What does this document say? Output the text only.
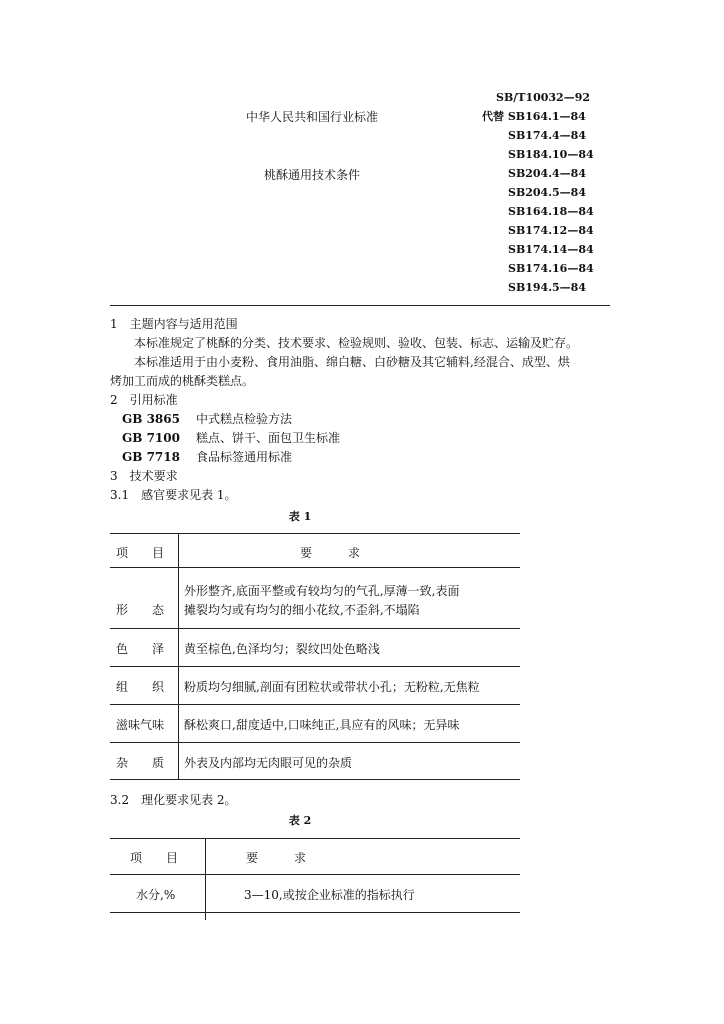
中华人民共和国行业标准
桃酥通用技术条件
SB/T10032—92
代替 SB164.1—84
SB174.4—84
SB184.10—84
SB204.4—84
SB204.5—84
SB164.18—84
SB174.12—84
SB174.14—84
SB174.16—84
SB194.5—84
1　主题内容与适用范围
本标准规定了桃酥的分类、技术要求、检验规则、验收、包装、标志、运输及贮存。
本标准适用于由小麦粉、食用油脂、绵白糖、白砂糖及其它辅料,经混合、成型、烘
烤加工而成的桃酥类糕点。
2　引用标准
GB 3865 中式糕点检验方法
GB 7100 糕点、饼干、面包卫生标准
GB 7718 食品标签通用标准
3　技术要求
3.1　感官要求见表 1。
表 1
项　　目	要　　　求
形　　态
外形整齐,底面平整或有较均匀的气孔,厚薄一致,表面
摊裂均匀或有均匀的细小花纹,不歪斜,不塌陷
色　　泽 黄至棕色,色泽均匀；裂纹凹处色略浅
组　　织 粉质均匀细腻,剖面有团粒状或带状小孔；无粉粒,无焦粒
滋味气味 酥松爽口,甜度适中,口味纯正,具应有的风味；无异味
杂　　质 外表及内部均无肉眼可见的杂质
3.2　理化要求见表 2。
表 2
项　　目	要　　　求
水分,%	3—10,或按企业标准的指标执行
